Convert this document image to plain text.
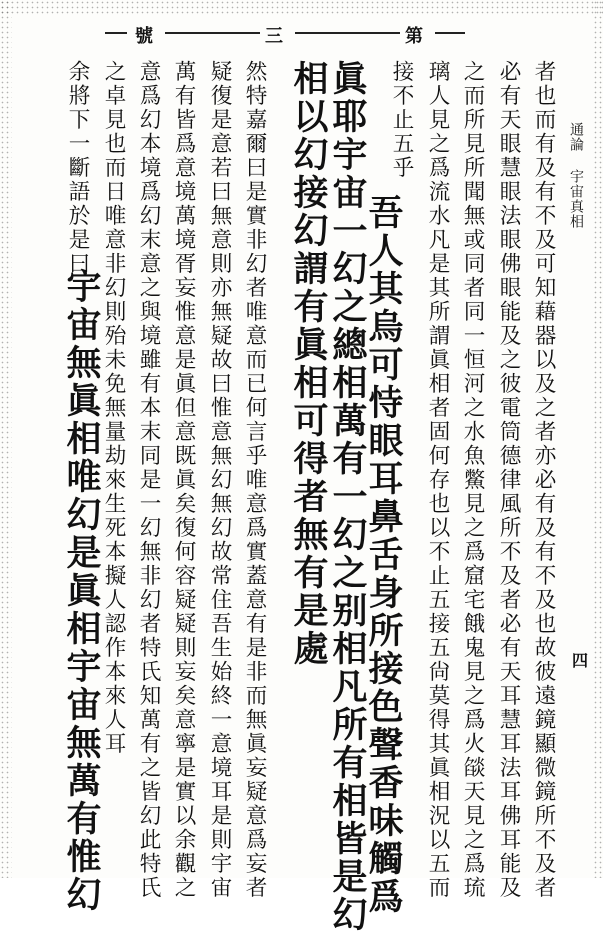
號	三	第
通論 宇宙真相
四
者也而有及有不及可知藉器以及之者亦必有及有不及也故彼遠鏡顯微鏡所不及者
必有天眼慧眼法眼佛眼能及之彼電筒德律風所不及者必有天耳慧耳法耳佛耳能及
之而所見所聞無或同者同一恒河之水魚鱉見之爲窟宅餓鬼見之爲火燄天見之爲琉
璃人見之爲流水凡是其所謂眞相者固何存也以不止五接五尙莫得其眞相況以五而
接不止五乎
吾人其烏可恃眼耳鼻舌身所接色聲香味觸爲
眞耶宇宙一幻之總相萬有一幻之别相凡所有相皆是幻
相以幻接幻謂有眞相可得者無有是處
然特嘉爾曰是實非幻者唯意而已何言乎唯意爲實蓋意有是非而無眞妄疑意爲妄者
疑復是意若曰無意則亦無疑故曰惟意無幻無幻故常住吾生始終一意境耳是則宇宙
萬有皆爲意境萬境胥妄惟意是眞但意既眞矣復何容疑疑則妄矣意寧是實以余觀之
意爲幻本境爲幻末意之與境雖有本末同是一幻無非幻者特氏知萬有之皆幻此特氏
之卓見也而日唯意非幻則殆未免無量劫來生死本擬人認作本來人耳
余將下一斷語於是曰
宇宙無眞相唯幻是眞相宇宙無萬有惟幻
